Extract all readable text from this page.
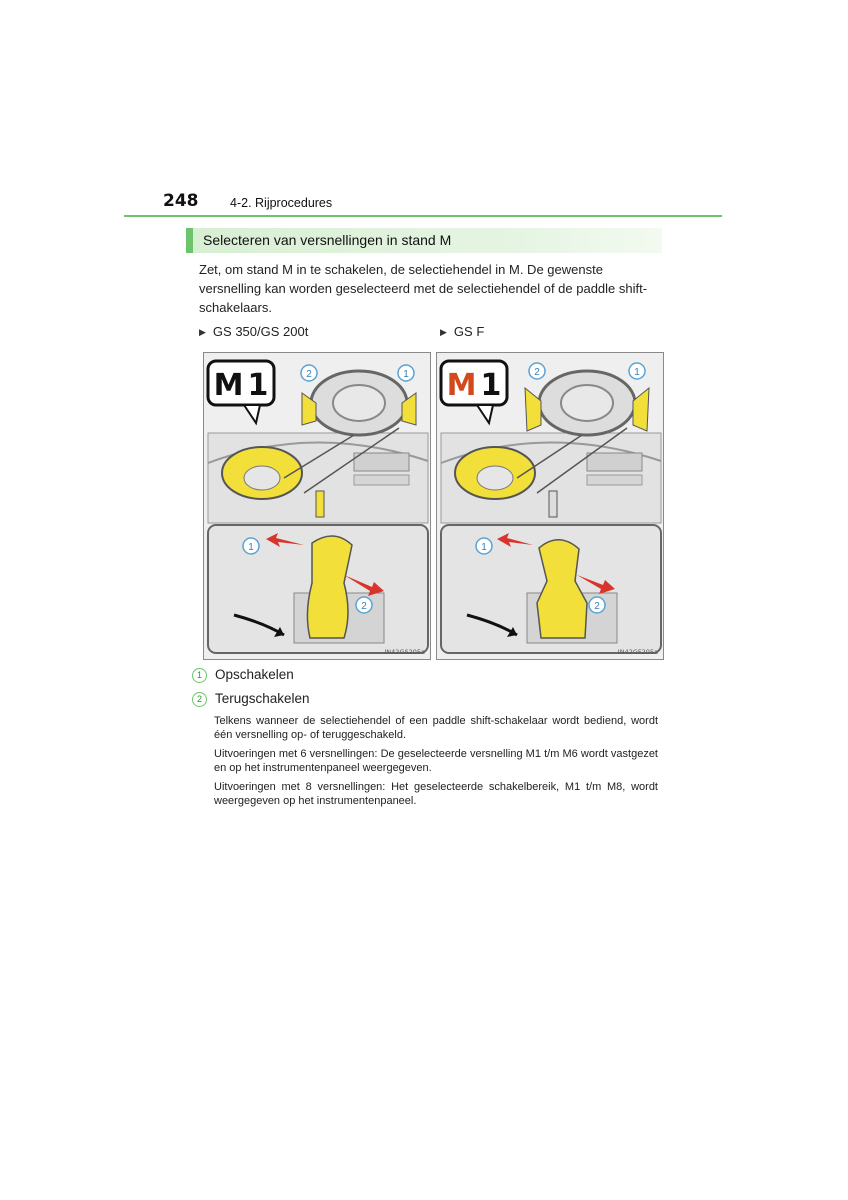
248	4-2. Rijprocedures
Selecteren van versnellingen in stand M
Zet, om stand M in te schakelen, de selectiehendel in M. De gewenste versnelling kan worden geselecteerd met de selectiehendel of de paddle shift-schakelaars.
▶ GS 350/GS 200t	▶ GS F
M 1	2	1
1
2
IN42GS205a
M 1	2	1
1
2
IN42GF205a
1 Opschakelen
2 Terugschakelen
Telkens wanneer de selectiehendel of een paddle shift-schakelaar wordt bediend, wordt één versnelling op- of teruggeschakeld.
Uitvoeringen met 6 versnellingen: De geselecteerde versnelling M1 t/m M6 wordt vastgezet en op het instrumentenpaneel weergegeven.
Uitvoeringen met 8 versnellingen: Het geselecteerde schakelbereik, M1 t/m M8, wordt weergegeven op het instrumentenpaneel.
